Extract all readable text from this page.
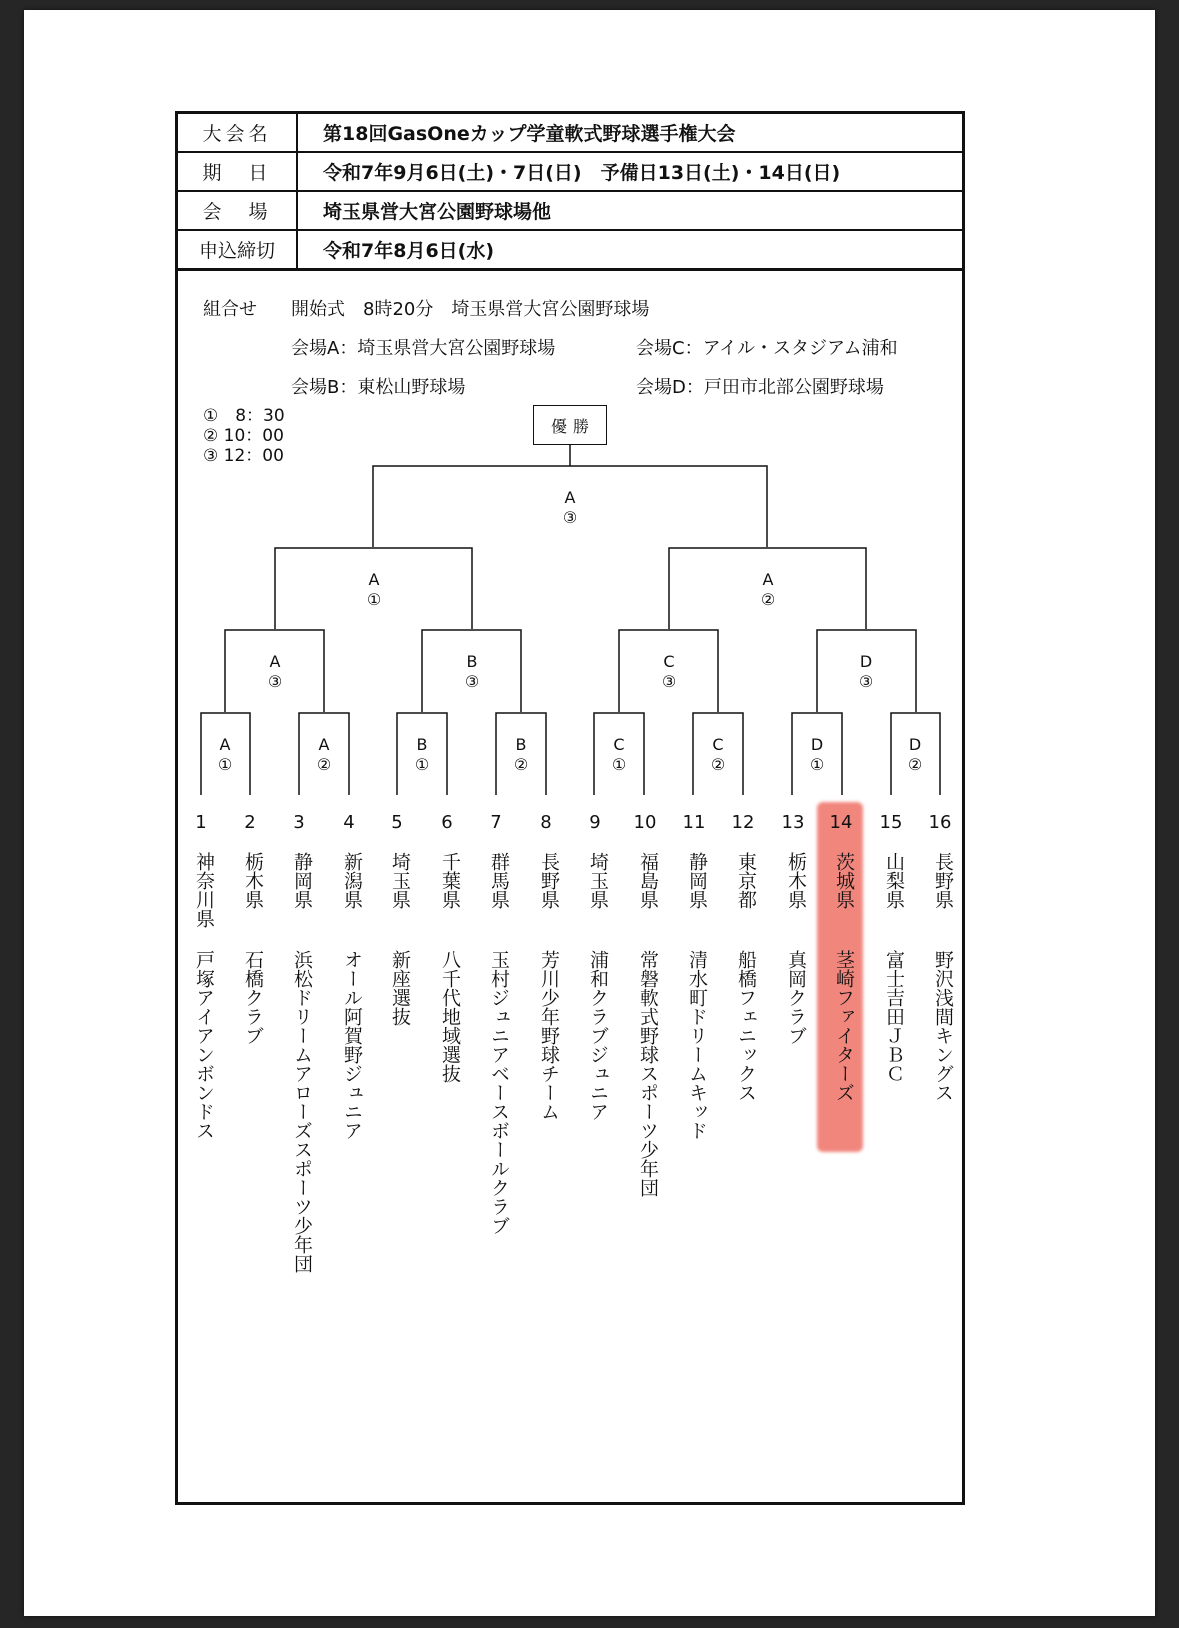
大会名	第18回GasOneカップ学童軟式野球選手権大会
期　日	令和7年9月6日(土)・7日(日)　予備日13日(土)・14日(日)
会　場	埼玉県営大宮公園野球場他
申込締切	令和7年8月6日(水)
組合せ 開始式　8時20分　埼玉県営大宮公園野球場
会場A：埼玉県営大宮公園野球場
会場B：東松山野球場
会場C：アイル・スタジアム浦和
会場D：戸田市北部公園野球場
①　8：30
② 10：00
③ 12：00
優勝
A
③
A
①
A
②
A
③
B
③
C
③
D
③
A
①
A
②
B
①
B
②
C
①
C
②
D
①
D
②
1
神奈川県
戸塚アイアンボンドス
2
栃木県
石橋クラブ
3
静岡県
浜松ドリームアローズスポーツ少年団
4
新潟県
オール阿賀野ジュニア
5
埼玉県
新座選抜
6
千葉県
八千代地域選抜
7
群馬県
玉村ジュニアベースボールクラブ
8
長野県
芳川少年野球チーム
9
埼玉県
浦和クラブジュニア
10
福島県
常磐軟式野球スポーツ少年団
11
静岡県
清水町ドリームキッド
12
東京都
船橋フェニックス
13
栃木県
真岡クラブ
14
茨城県
茎崎ファイターズ
15
山梨県
富士吉田ＪＢＣ
16
長野県
野沢浅間キングス
